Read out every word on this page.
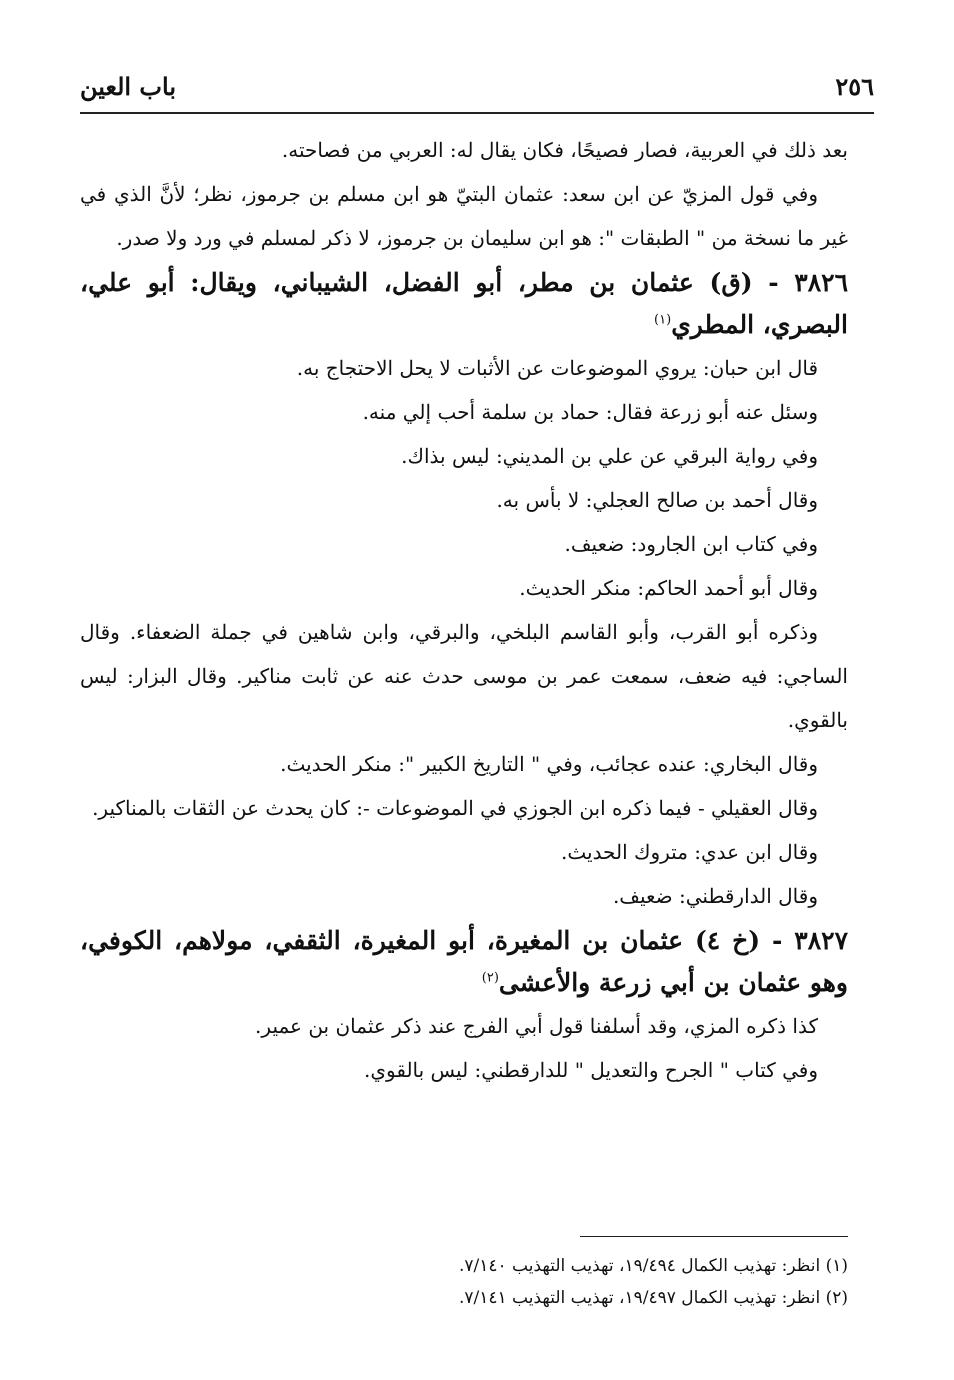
٢٥٦
باب العين

بعد ذلك في العربية، فصار فصيحًا، فكان يقال له: العربي من فصاحته.

وفي قول المزيّ عن ابن سعد: عثمان البتيّ هو ابن مسلم بن جرموز، نظر؛ لأنَّ الذي في غير ما نسخة من " الطبقات ": هو ابن سليمان بن جرموز، لا ذكر لمسلم في ورد ولا صدر.

٣٨٢٦ - (ق) عثمان بن مطر، أبو الفضل، الشيباني، ويقال: أبو علي، البصري، المطري$^{(١)}$

قال ابن حبان: يروي الموضوعات عن الأثبات لا يحل الاحتجاج به.

وسئل عنه أبو زرعة فقال: حماد بن سلمة أحب إلي منه.

وفي رواية البرقي عن علي بن المديني: ليس بذاك.

وقال أحمد بن صالح العجلي: لا بأس به.

وفي كتاب ابن الجارود: ضعيف.

وقال أبو أحمد الحاكم: منكر الحديث.

وذكره أبو القرب، وأبو القاسم البلخي، والبرقي، وابن شاهين في جملة الضعفاء. وقال الساجي: فيه ضعف، سمعت عمر بن موسى حدث عنه عن ثابت مناكير. وقال البزار: ليس بالقوي.

وقال البخاري: عنده عجائب، وفي " التاريخ الكبير ": منكر الحديث.

وقال العقيلي - فيما ذكره ابن الجوزي في الموضوعات -: كان يحدث عن الثقات بالمناكير.

وقال ابن عدي: متروك الحديث.

وقال الدارقطني: ضعيف.

٣٨٢٧ - (خ ٤) عثمان بن المغيرة، أبو المغيرة، الثقفي، مولاهم، الكوفي، وهو عثمان بن أبي زرعة والأعشى$^{(٢)}$

كذا ذكره المزي، وقد أسلفنا قول أبي الفرج عند ذكر عثمان بن عمير.

وفي كتاب " الجرح والتعديل " للدارقطني: ليس بالقوي.

(١) انظر: تهذيب الكمال ١٩/٤٩٤، تهذيب التهذيب ٧/١٤٠.

(٢) انظر: تهذيب الكمال ١٩/٤٩٧، تهذيب التهذيب ٧/١٤١.
